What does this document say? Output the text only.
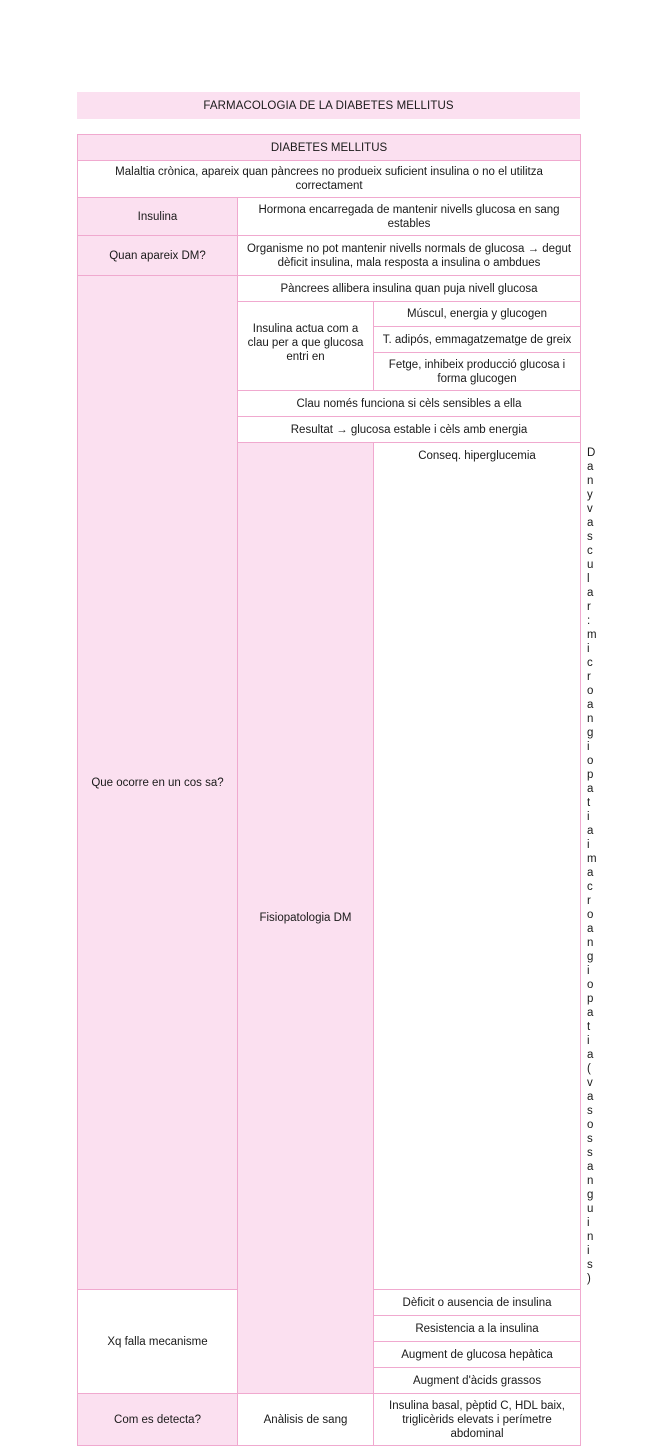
FARMACOLOGIA DE LA DIABETES MELLITUS
DIABETES MELLITUS			
Malaltia crònica, apareix quan pàncrees no produeix suficient insulina o no el utilitza correctament			
Insulina	Hormona encarregada de mantenir nivells glucosa en sang estables		
Quan apareix DM?	Organisme no pot mantenir nivells normals de glucosa → degut dèficit insulina, mala resposta a insulina o ambdues		
Que ocorre en un cos sa?	Pàncrees allibera insulina quan puja nivell glucosa		
	Insulina actua com a clau per a que glucosa entri en	Múscul, energia y glucogen	
		T. adipós, emmagatzematge de greix	
		Fetge, inhibeix producció glucosa i forma glucogen	
	Clau només funciona si cèls sensibles a ella		
	Resultat → glucosa estable i cèls amb energia		
	Fisiopatologia DM	Conseq. hiperglucemia	Dany vascular: microangiopatia i macroangiopatia (vasos sanguinis)
Xq falla mecanisme		Dèficit o ausencia de insulina	
		Resistencia a la insulina	
		Augment de glucosa hepàtica	
		Augment d'àcids grassos	
Com es detecta?	Anàlisis de sang	Insulina basal, pèptid C, HDL baix, triglicèrids elevats i perímetre abdominal	
